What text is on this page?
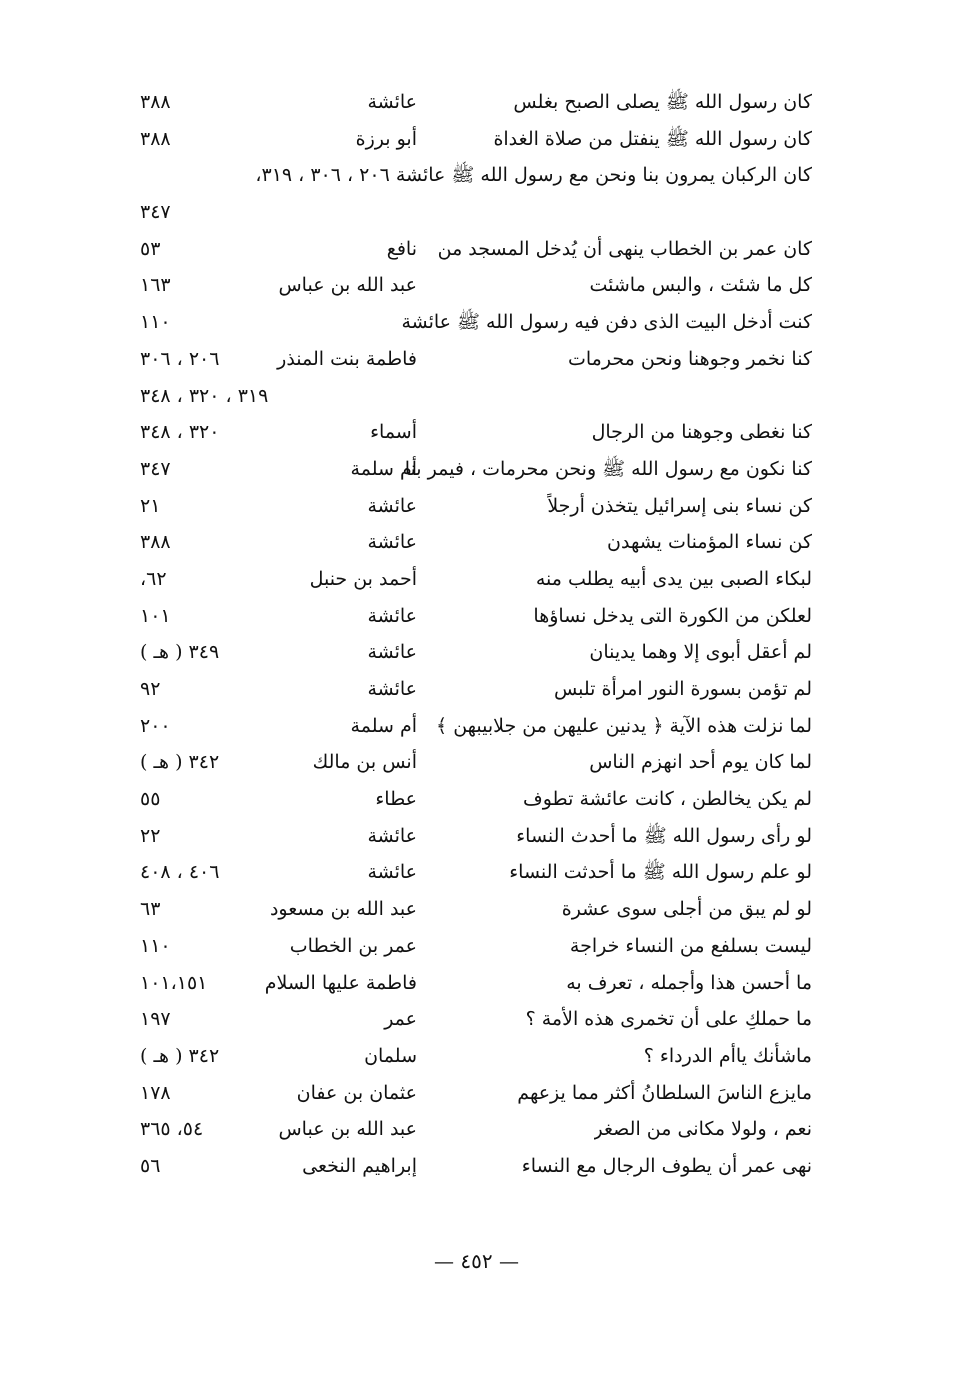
كان رسول الله ﷺ يصلى الصبح بغلس
عائشة
٣٨٨
كان رسول الله ﷺ ينفتل من صلاة الغداة
أبو برزة
٣٨٨
كان الركبان يمرون بنا ونحن مع رسول الله ﷺ عائشة ٢٠٦ ، ٣٠٦ ، ٣١٩،
٣٤٧
كان عمر بن الخطاب ينهى أن يُدخل المسجد من
نافع
٥٣
كل ما شئت ، والبس ماشئت
عبد الله بن عباس
١٦٣
كنت أدخل البيت الذى دفن فيه رسول الله ﷺ عائشة
١١٠
كنا نخمر وجوهنا ونحن محرمات
فاطمة بنت المنذر
٢٠٦ ، ٣٠٦
٣١٩ ، ٣٢٠ ، ٣٤٨
كنا نغطى وجوهنا من الرجال
أسماء
٣٢٠ ، ٣٤٨
كنا نكون مع رسول الله ﷺ ونحن محرمات ، فيمر بنا
أم سلمة
٣٤٧
كن نساء بنى إسرائيل يتخذن أرجلاً
عائشة
٢١
كن نساء المؤمنات يشهدن
عائشة
٣٨٨
لبكاء الصبى بين يدى أبيه يطلب منه
أحمد بن حنبل
٦٢،
لعلكن من الكورة التى يدخل نساؤها
عائشة
١٠١
لم أعقل أبوى إلا وهما يدينان
عائشة
٣٤٩ ( هـ )
لم تؤمن بسورة النور امرأة تلبس
عائشة
٩٢
لما نزلت هذه الآية ﴿ يدنين عليهن من جلابيبهن ﴾
أم سلمة
٢٠٠
لما كان يوم أحد انهزم الناس
أنس بن مالك
٣٤٢ ( هـ )
لم يكن يخالطن ، كانت عائشة تطوف
عطاء
٥٥
لو رأى رسول الله ﷺ ما أحدث النساء
عائشة
٢٢
لو علم رسول الله ﷺ ما أحدثت النساء
عائشة
٤٠٦ ، ٤٠٨
لو لم يبق من أجلى سوى عشرة
عبد الله بن مسعود
٦٣
ليست بسلفع من النساء خراجة
عمر بن الخطاب
١١٠
ما أحسن هذا وأجمله ، تعرف به
فاطمة عليها السلام
١٠١،١٥١
ما حملكِ على أن تخمرى هذه الأمة ؟
عمر
١٩٧
ماشأنك ياأم الدرداء ؟
سلمان
٣٤٢ ( هـ )
مايزع الناسَ السلطانُ أكثر مما يزعهم
عثمان بن عفان
١٧٨
نعم ، ولولا مكانى من الصغر
عبد الله بن عباس
٥٤، ٣٦٥
نهى عمر أن يطوف الرجال مع النساء
إبراهيم النخعى
٥٦
— ٤٥٢ —
